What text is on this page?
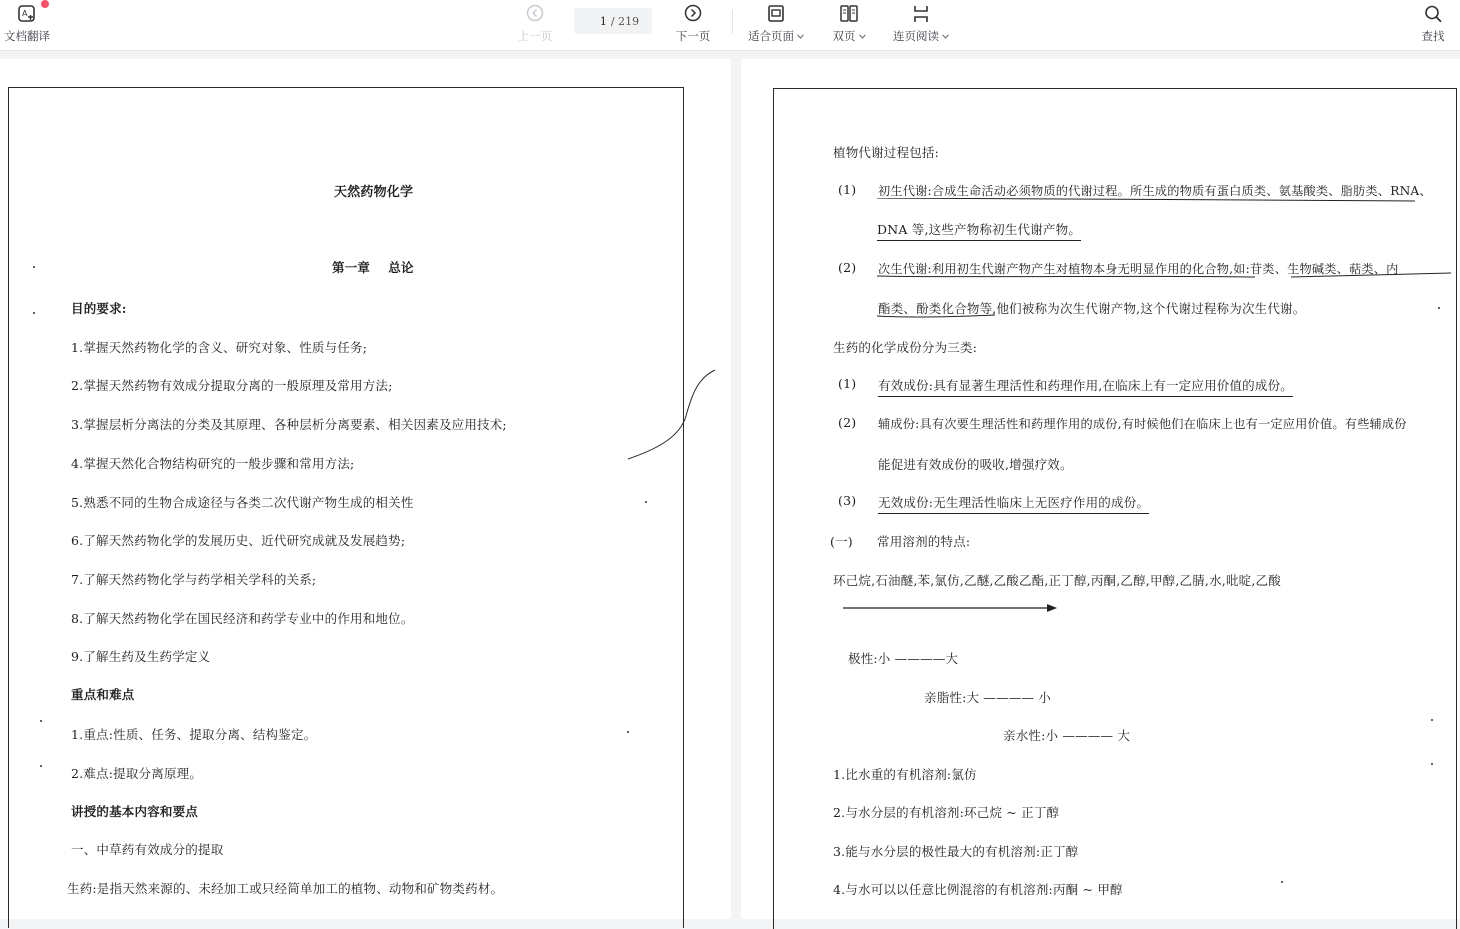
A
文档翻译	上一页
1
/ 219
下一页	适合页面	双页	连页阅读	查找
天然药物化学
第一章    总论
目的要求:
1.掌握天然药物化学的含义、研究对象、性质与任务;
2.掌握天然药物有效成分提取分离的一般原理及常用方法;
3.掌握层析分离法的分类及其原理、各种层析分离要素、相关因素及应用技术;
4.掌握天然化合物结构研究的一般步骤和常用方法;
5.熟悉不同的生物合成途径与各类二次代谢产物生成的相关性
6.了解天然药物化学的发展历史、近代研究成就及发展趋势;
7.了解天然药物化学与药学相关学科的关系;
8.了解天然药物化学在国民经济和药学专业中的作用和地位。
9.了解生药及生药学定义
重点和难点
1.重点:性质、任务、提取分离、结构鉴定。
2.难点:提取分离原理。
讲授的基本内容和要点
一、中草药有效成分的提取
生药:是指天然来源的、未经加工或只经简单加工的植物、动物和矿物类药材。
植物代谢过程包括:
(1) 初生代谢:合成生命活动必须物质的代谢过程。所生成的物质有蛋白质类、氨基酸类、脂肪类、RNA、
DNA 等,这些产物称初生代谢产物。
(2) 次生代谢:利用初生代谢产物产生对植物本身无明显作用的化合物,如:苷类、生物碱类、萜类、内
酯类、酚类化合物等,他们被称为次生代谢产物,这个代谢过程称为次生代谢。
生药的化学成份分为三类:
(1) 有效成份:具有显著生理活性和药理作用,在临床上有一定应用价值的成份。
(2) 辅成份:具有次要生理活性和药理作用的成份,有时候他们在临床上也有一定应用价值。有些辅成份
能促进有效成份的吸收,增强疗效。
(3) 无效成份:无生理活性临床上无医疗作用的成份。
(一) 常用溶剂的特点:
环己烷,石油醚,苯,氯仿,乙醚,乙酸乙酯,正丁醇,丙酮,乙醇,甲醇,乙腈,水,吡啶,乙酸
极性:小 ————大
亲脂性:大 ———— 小
亲水性:小 ———— 大
1.比水重的有机溶剂:氯仿
2.与水分层的有机溶剂:环己烷 ~ 正丁醇
3.能与水分层的极性最大的有机溶剂:正丁醇
4.与水可以以任意比例混溶的有机溶剂:丙酮 ~ 甲醇
